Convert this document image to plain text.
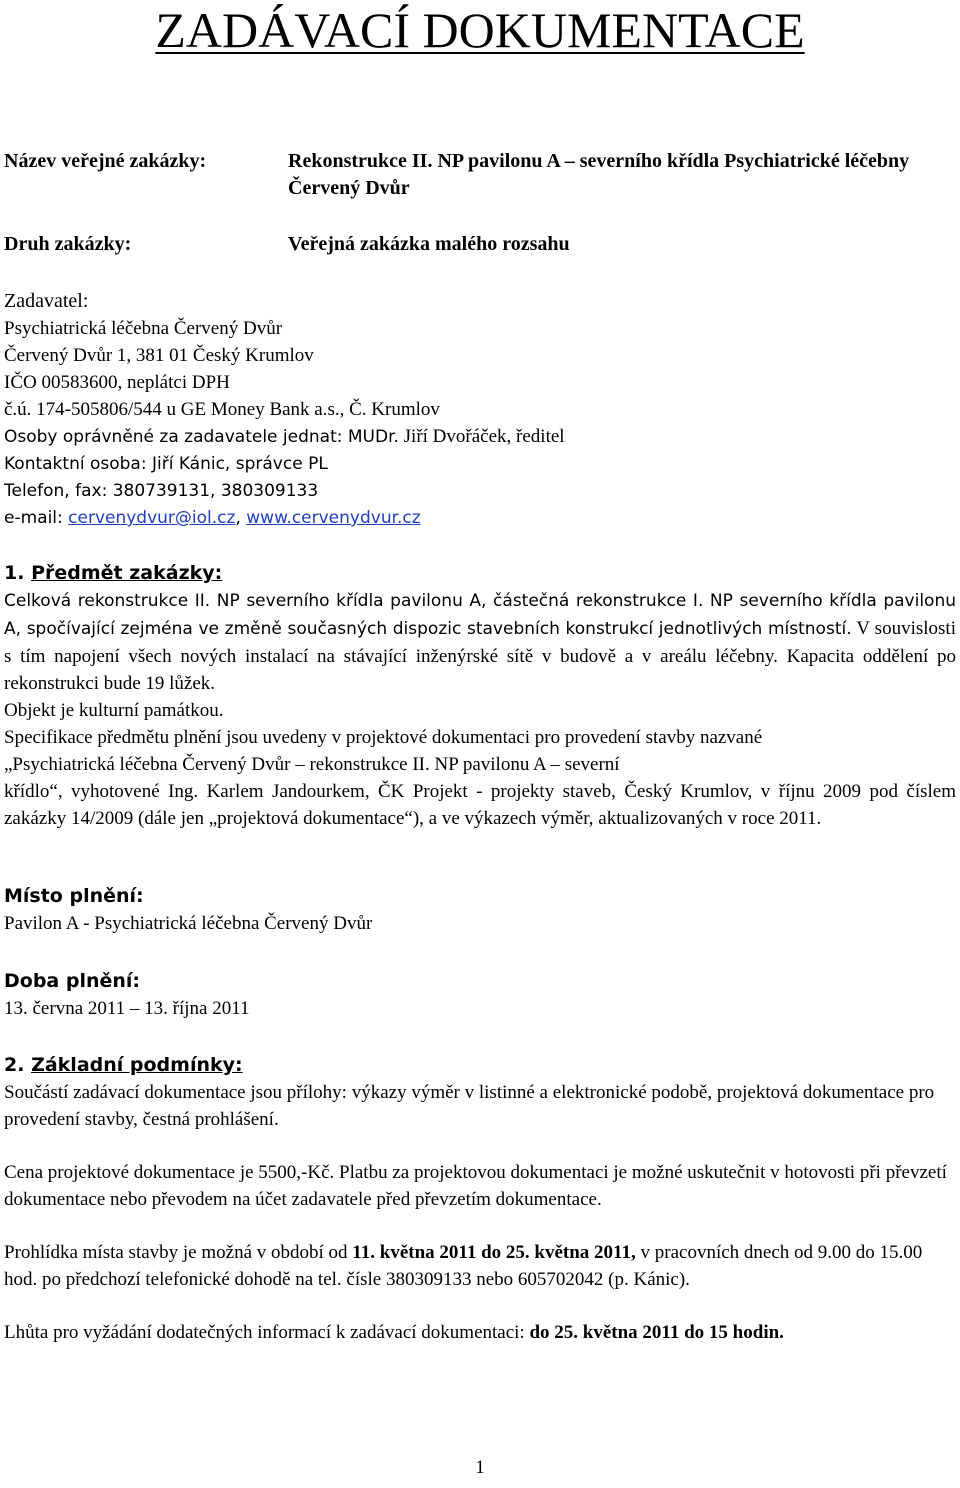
ZADÁVACÍ DOKUMENTACE
Název veřejné zakázky:	Rekonstrukce II. NP pavilonu A – severního křídla Psychiatrické léčebny Červený Dvůr
Druh zakázky:	Veřejná zakázka malého rozsahu
Zadavatel:
Psychiatrická léčebna Červený Dvůr
Červený Dvůr 1, 381 01 Český Krumlov
IČO 00583600, neplátci DPH
č.ú. 174-505806/544 u GE Money Bank a.s., Č. Krumlov
Osoby oprávněné za zadavatele jednat: MUDr. Jiří Dvořáček, ředitel
Kontaktní osoba: Jiří Kánic, správce PL
Telefon, fax: 380739131, 380309133
e-mail: cervenydvur@iol.cz, www.cervenydvur.cz
1. Předmět zakázky:
Celková rekonstrukce II. NP severního křídla pavilonu A, částečná rekonstrukce I. NP severního křídla pavilonu A, spočívající zejména ve změně současných dispozic stavebních konstrukcí jednotlivých místností. V souvislosti s tím napojení všech nových instalací na stávající inženýrské sítě v budově a v areálu léčebny. Kapacita oddělení po rekonstrukci bude 19 lůžek.
Objekt je kulturní památkou.
Specifikace předmětu plnění jsou uvedeny v projektové dokumentaci pro provedení stavby nazvané
„Psychiatrická léčebna Červený Dvůr – rekonstrukce II. NP pavilonu A – severní
křídlo“, vyhotovené Ing. Karlem Jandourkem, ČK Projekt - projekty staveb, Český Krumlov, v říjnu 2009 pod číslem zakázky 14/2009 (dále jen „projektová dokumentace“), a ve výkazech výměr, aktualizovaných v roce 2011.
Místo plnění:
Pavilon A - Psychiatrická léčebna Červený Dvůr
Doba plnění:
13. června 2011 – 13. října 2011
2. Základní podmínky:
Součástí zadávací dokumentace jsou přílohy: výkazy výměr v listinné a elektronické podobě, projektová dokumentace pro provedení stavby, čestná prohlášení.
Cena projektové dokumentace je 5500,-Kč. Platbu za projektovou dokumentaci je možné uskutečnit v hotovosti při převzetí dokumentace nebo převodem na účet zadavatele před převzetím dokumentace.
Prohlídka místa stavby je možná v období od 11. května 2011 do 25. května 2011, v pracovních dnech od 9.00 do 15.00 hod. po předchozí telefonické dohodě na tel. čísle 380309133 nebo 605702042 (p. Kánic).
Lhůta pro vyžádání dodatečných informací k zadávací dokumentaci: do 25. května 2011 do 15 hodin.
1
